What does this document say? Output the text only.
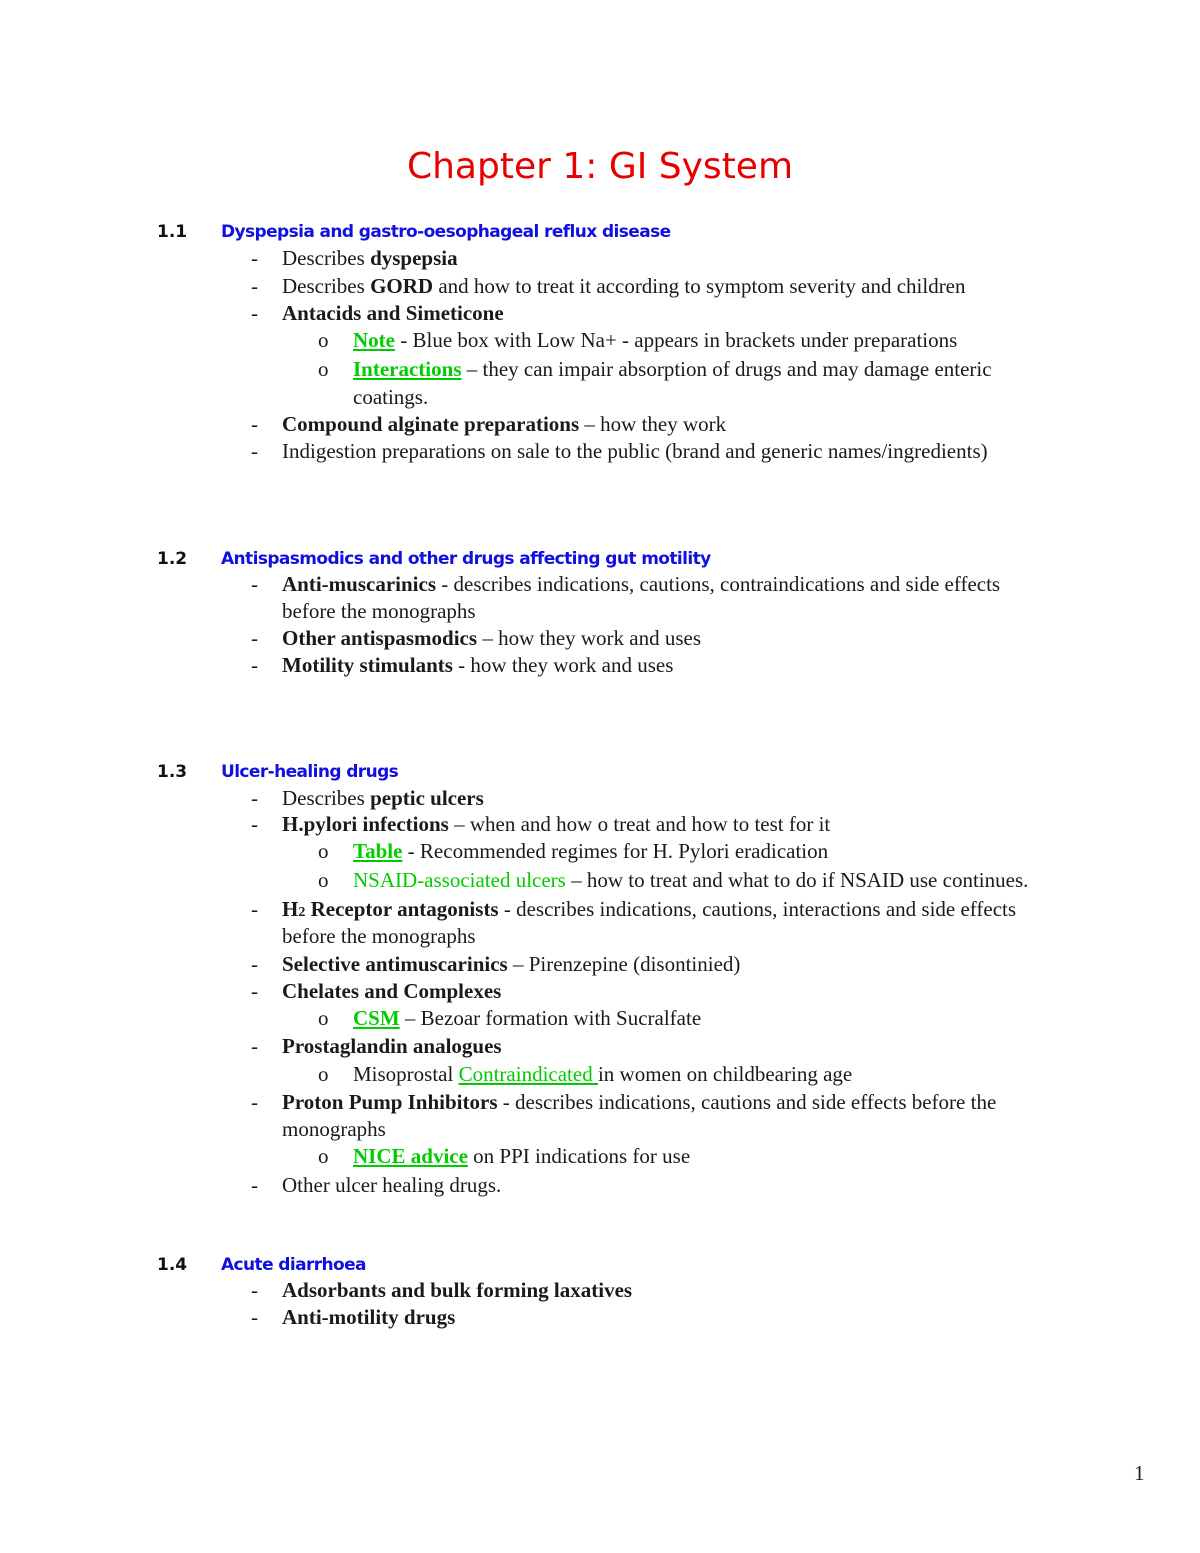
Chapter 1: GI System
1.1 Dyspepsia and gastro-oesophageal reflux disease
- Describes dyspepsia
- Describes GORD and how to treat it according to symptom severity and children
- Antacids and Simeticone
o Note - Blue box with Low Na+ - appears in brackets under preparations
o Interactions – they can impair absorption of drugs and may damage enteric
coatings.
- Compound alginate preparations – how they work
- Indigestion preparations on sale to the public (brand and generic names/ingredients)
1.2 Antispasmodics and other drugs affecting gut motility
- Anti-muscarinics - describes indications, cautions, contraindications and side effects
before the monographs
- Other antispasmodics – how they work and uses
- Motility stimulants - how they work and uses
1.3 Ulcer-healing drugs
- Describes peptic ulcers
- H.pylori infections – when and how o treat and how to test for it
o Table - Recommended regimes for H. Pylori eradication
o NSAID-associated ulcers – how to treat and what to do if NSAID use continues.
- H2 Receptor antagonists - describes indications, cautions, interactions and side effects
before the monographs
- Selective antimuscarinics – Pirenzepine (disontinied)
- Chelates and Complexes
o CSM – Bezoar formation with Sucralfate
- Prostaglandin analogues
o Misoprostal Contraindicated in women on childbearing age
- Proton Pump Inhibitors - describes indications, cautions and side effects before the
monographs
o NICE advice on PPI indications for use
- Other ulcer healing drugs.
1.4 Acute diarrhoea
- Adsorbants and bulk forming laxatives
- Anti-motility drugs
1
